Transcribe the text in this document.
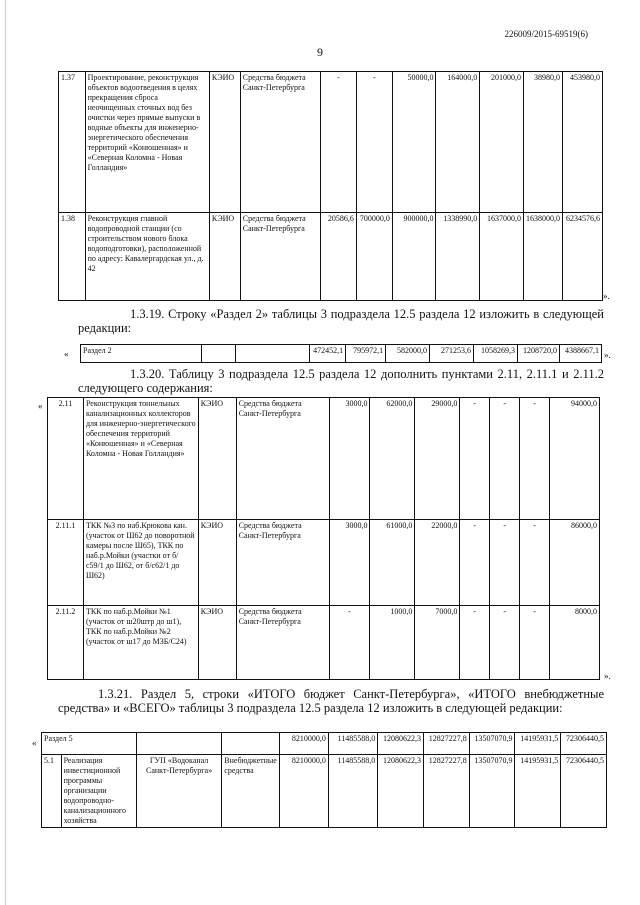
226009/2015-69519(6)
9
1.37	Проектирование, реконструкция объектов водоотведения в целях прекращения сброса неочищенных сточных вод без очистки через прямые выпуски в водные объекты для инженерно-энергетического обеспечения территорий «Конюшенная» и «Северная Коломна - Новая Голландия»	КЭИО	Средства бюджета Санкт-Петербурга	-	-	50000,0	164000,0	201000,0	38980,0	453980,0
1.38	Реконструкция главной водопроводной станции (со строительством нового блока водоподготовки), расположенной по адресу: Кавалергардская ул., д. 42	КЭИО	Средства бюджета Санкт-Петербурга	20586,6	700000,0	900000,0	1338990,0	1637000,0	1638000,0	6234576,6
».
1.3.19. Строку «Раздел 2» таблицы 3 подраздела 12.5 раздела 12 изложить в следующей редакции:
« Раздел 2			472452,1	795972,1	582000,0	271253,6	1058269,3	1208720,0	4388667,1 ».
1.3.20. Таблицу 3 подраздела 12.5 раздела 12 дополнить пунктами 2.11, 2.11.1 и 2.11.2 следующего содержания:
« 2.11	Реконструкция тоннельных канализационных коллекторов для инженерно-энергетического обеспечения территорий «Конюшенная» и «Северная Коломна - Новая Голландия»	КЭИО	Средства бюджета Санкт-Петербурга	3000,0	62000,0	29000,0	-	-	-	94000,0
2.11.1	ТКК №3 по наб.Крюкова кан. (участок от Ш62 до поворотной камеры после Ш65), ТКК по наб.р.Мойки (участки от б/с59/1 до Ш62, от б/с62/1 до Ш62)	КЭИО	Средства бюджета Санкт-Петербурга	3000,0	61000,0	22000,0	-	-	-	86000,0
2.11.2	ТКК по наб.р.Мойки №1 (участок от ш20штр до ш1), ТКК по наб.р.Мойки №2 (участок от ш17 до МЗБ/С24)	КЭИО	Средства бюджета Санкт-Петербурга	-	1000,0	7000,0	-	-	-	8000,0
».
1.3.21. Раздел 5, строки «ИТОГО бюджет Санкт-Петербурга», «ИТОГО внебюджетные средства» и «ВСЕГО» таблицы 3 подраздела 12.5 раздела 12 изложить в следующей редакции:
« Раздел 5				8210000,0	11485588,0	12080622,3	12827227,8	13507070,9	14195931,5	72306440,5
5.1	Реализация инвестиционной программы организации водопроводно-канализационного хозяйства	ГУП «Водоканал Санкт-Петербурга»	Внебюджетные средства	8210000,0	11485588,0	12080622,3	12827227,8	13507070,9	14195931,5	72306440,5
